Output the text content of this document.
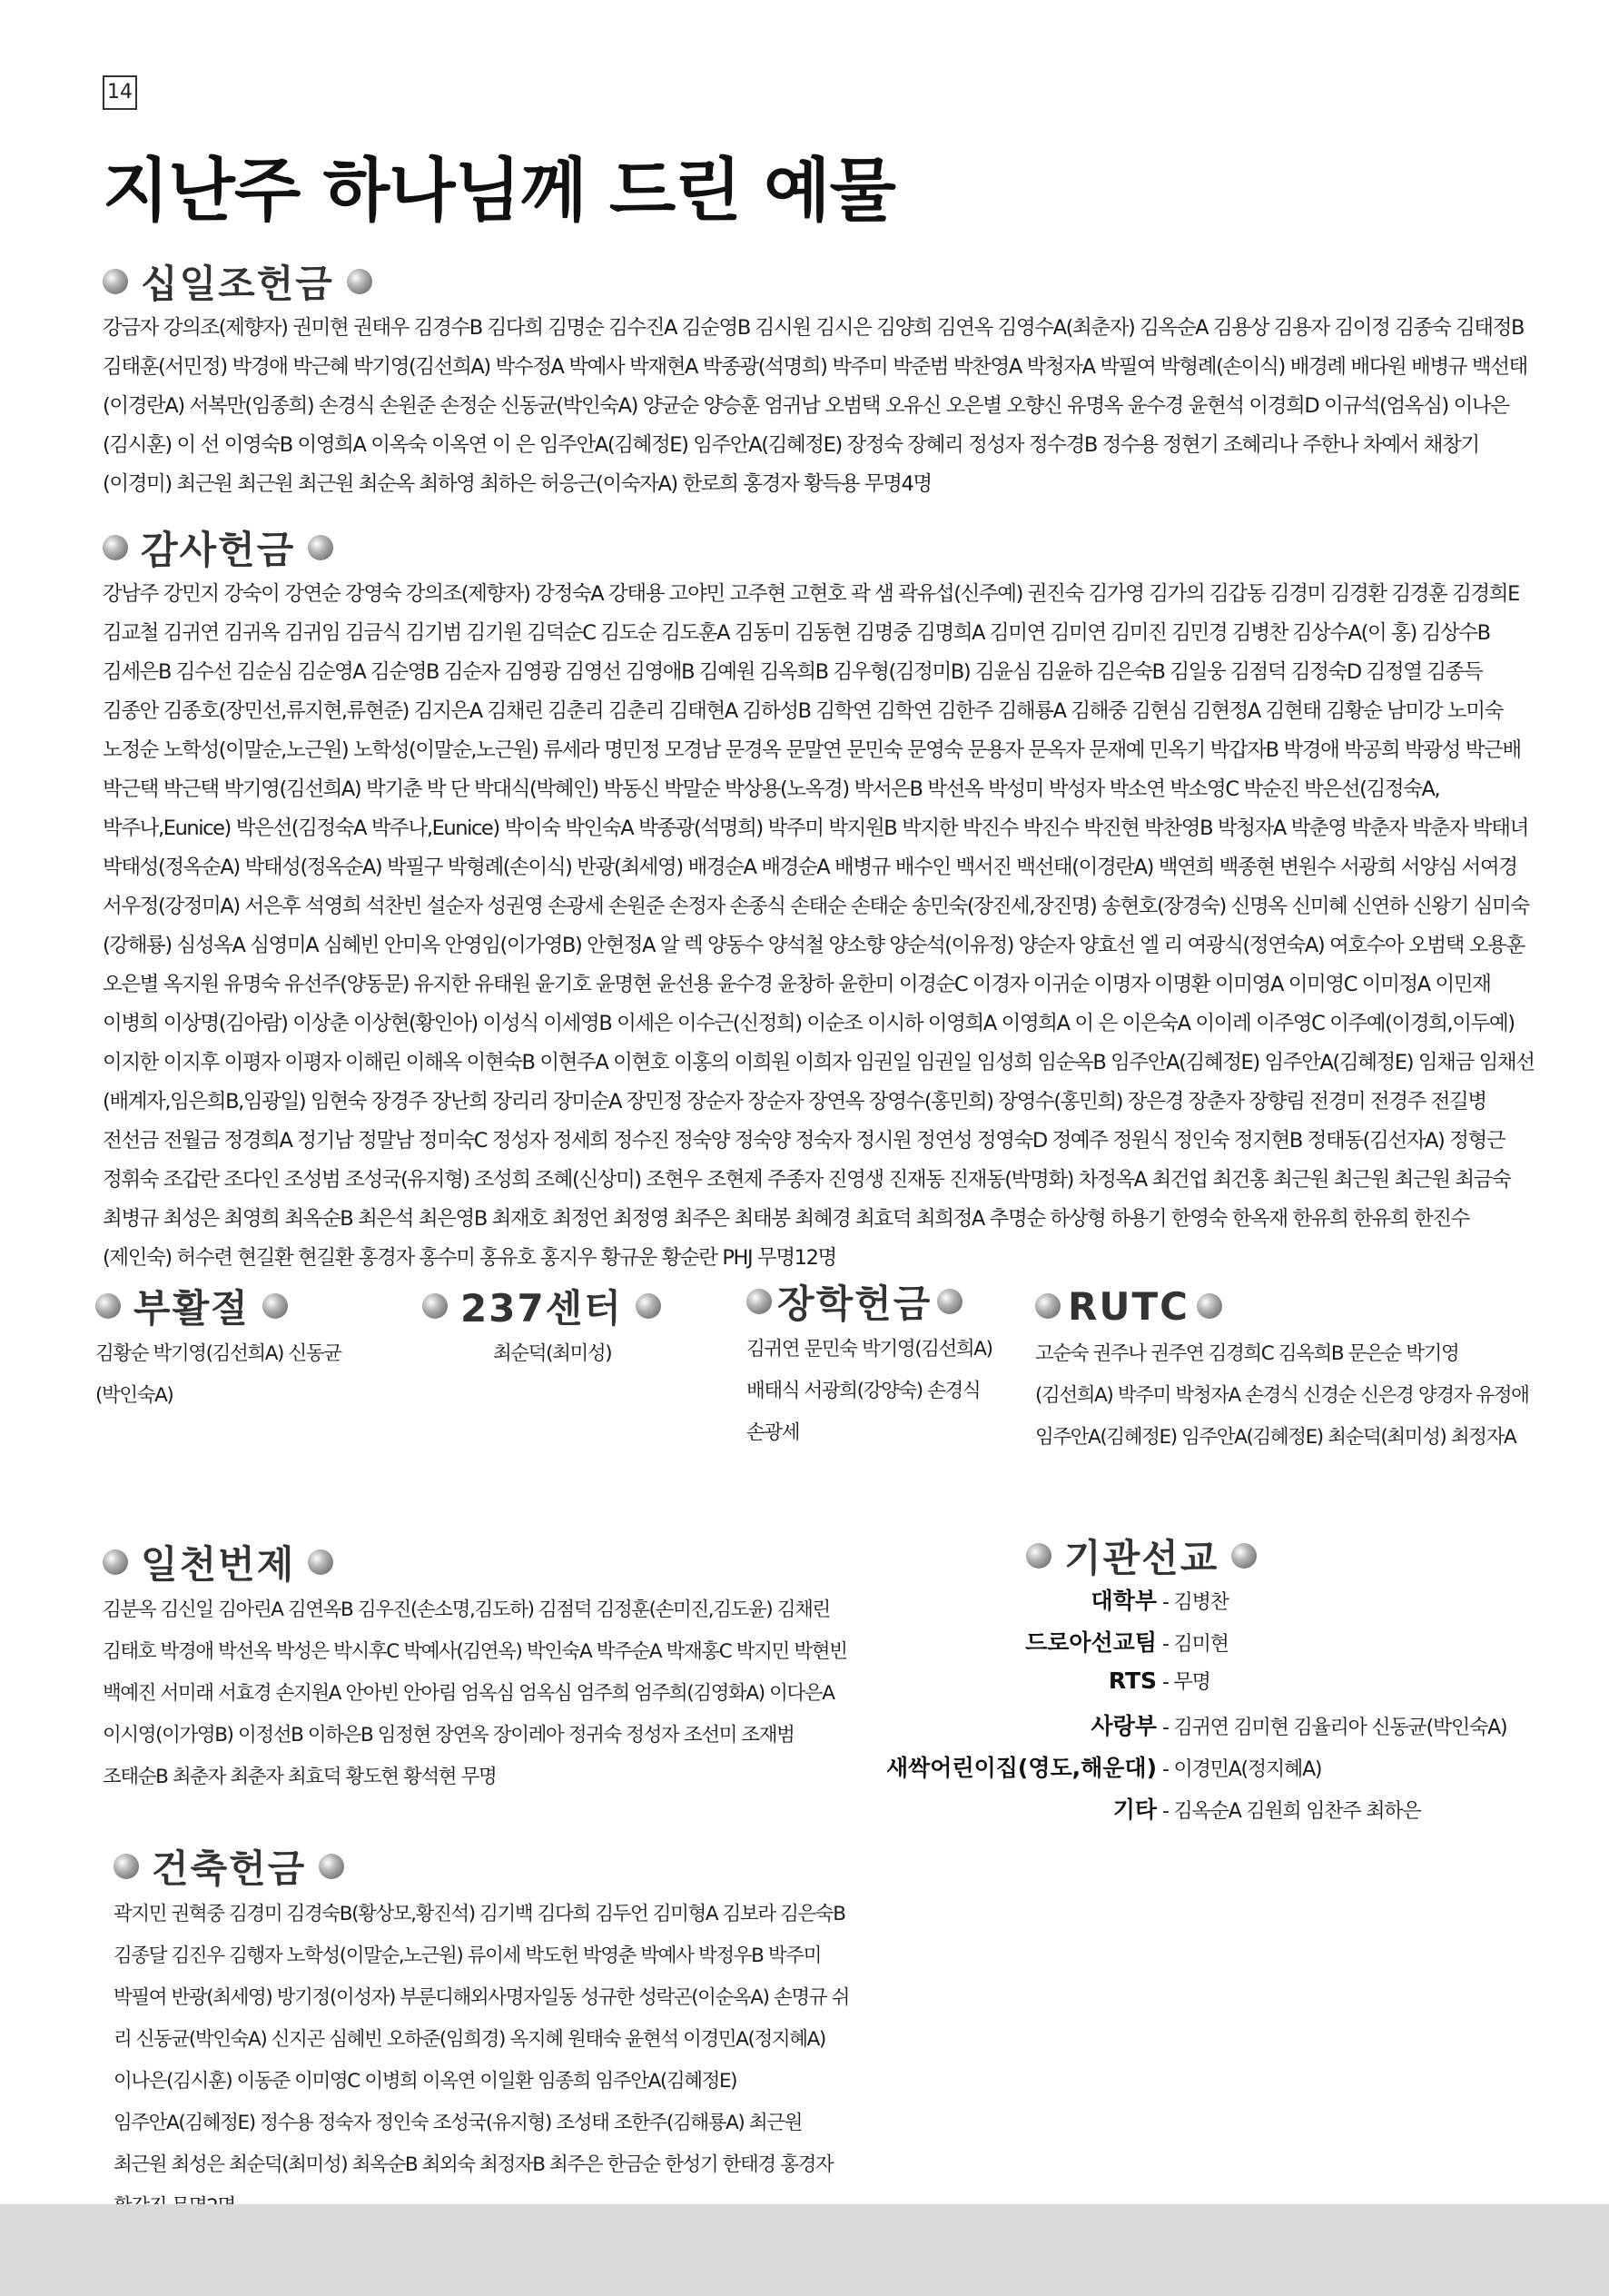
14
지난주 하나님께 드린 예물
십일조헌금
강금자 강의조(제향자) 권미현 권태우 김경수B 김다희 김명순 김수진A 김순영B 김시원 김시은 김양희 김연옥 김영수A(최춘자) 김옥순A 김용상 김용자 김이정 김종숙 김태정B 김태훈(서민정) 박경애 박근혜 박기영(김선희A) 박수정A 박예사 박재현A 박종광(석명희) 박주미 박준범 박찬영A 박청자A 박필여 박형례(손이식) 배경례 배다원 배병규 백선태(이경란A) 서복만(임종희) 손경식 손원준 손정순 신동균(박인숙A) 양균순 양승훈 엄귀남 오범택 오유신 오은별 오향신 유명옥 윤수경 윤현석 이경희D 이규석(엄옥심) 이나은(김시훈) 이 선 이영숙B 이영희A 이옥숙 이옥연 이 은 임주안A(김혜정E) 임주안A(김혜정E) 장정숙 장혜리 정성자 정수경B 정수용 정현기 조혜리나 주한나 차예서 채창기(이경미) 최근원 최근원 최근원 최순옥 최하영 최하은 허응근(이숙자A) 한로희 홍경자 황득용 무명4명
감사헌금
강남주 강민지 강숙이 강연순 강영숙 강의조(제향자) 강정숙A 강태용 고야민 고주현 고현호 곽 샘 곽유섭(신주예) 권진숙 김가영 김가의 김갑동 김경미 김경환 김경훈 김경희E 김교철 김귀연 김귀옥 김귀임 김금식 김기범 김기원 김덕순C 김도순 김도훈A 김동미 김동현 김명중 김명희A 김미연 김미연 김미진 김민경 김병찬 김상수A(이 홍) 김상수B 김세은B 김수선 김순심 김순영A 김순영B 김순자 김영광 김영선 김영애B 김예원 김옥희B 김우형(김정미B) 김윤심 김윤하 김은숙B 김일웅 김점덕 김정숙D 김정열 김종득 김종안 김종호(장민선,류지현,류현준) 김지은A 김채린 김춘리 김춘리 김태현A 김하성B 김학연 김학연 김한주 김해룡A 김해중 김현심 김현정A 김현태 김황순 남미강 노미숙 노정순 노학성(이말순,노근원) 노학성(이말순,노근원) 류세라 명민정 모경남 문경옥 문말연 문민숙 문영숙 문용자 문옥자 문재예 민옥기 박갑자B 박경애 박공희 박광성 박근배 박근택 박근택 박기영(김선희A) 박기춘 박 단 박대식(박혜인) 박동신 박말순 박상용(노옥경) 박서은B 박선옥 박성미 박성자 박소연 박소영C 박순진 박은선(김정숙A,박주나,Eunice) 박은선(김정숙A 박주나,Eunice) 박이숙 박인숙A 박종광(석명희) 박주미 박지원B 박지한 박진수 박진수 박진현 박찬영B 박청자A 박춘영 박춘자 박춘자 박태녀 박태성(정옥순A) 박태성(정옥순A) 박필구 박형례(손이식) 반광(최세영) 배경순A 배경순A 배병규 배수인 백서진 백선태(이경란A) 백연희 백종현 변원수 서광희 서양심 서여경 서우정(강정미A) 서은후 석영희 석찬빈 설순자 성권영 손광세 손원준 손정자 손종식 손태순 손태순 송민숙(장진세,장진명) 송현호(장경숙) 신명옥 신미혜 신연하 신왕기 심미숙(강해룡) 심성옥A 심영미A 심혜빈 안미옥 안영임(이가영B) 안현정A 알 렉 양동수 양석철 양소향 양순석(이유정) 양순자 양효선 엘 리 여광식(정연숙A) 여호수아 오범택 오용훈 오은별 옥지원 유명숙 유선주(양동문) 유지한 유태원 윤기호 윤명현 윤선용 윤수경 윤창하 윤한미 이경순C 이경자 이귀순 이명자 이명환 이미영A 이미영C 이미정A 이민재 이병희 이상명(김아람) 이상춘 이상현(황인아) 이성식 이세영B 이세은 이수근(신정희) 이순조 이시하 이영희A 이영희A 이 은 이은숙A 이이레 이주영C 이주예(이경희,이두예) 이지한 이지후 이평자 이평자 이해린 이해옥 이현숙B 이현주A 이현호 이홍의 이희원 이희자 임권일 임권일 임성희 임순옥B 임주안A(김혜정E) 임주안A(김혜정E) 임채금 임채선(배계자,임은희B,임광일) 임현숙 장경주 장난희 장리리 장미순A 장민정 장순자 장순자 장연옥 장영수(홍민희) 장영수(홍민희) 장은경 장춘자 장향림 전경미 전경주 전길병 전선금 전월금 정경희A 정기남 정말남 정미숙C 정성자 정세희 정수진 정숙양 정숙양 정숙자 정시원 정연성 정영숙D 정예주 정원식 정인숙 정지현B 정태동(김선자A) 정형근 정휘숙 조갑란 조다인 조성범 조성국(유지형) 조성희 조혜(신상미) 조현우 조현제 주종자 진영생 진재동 진재동(박명화) 차정옥A 최건업 최건홍 최근원 최근원 최근원 최금숙 최병규 최성은 최영희 최옥순B 최은석 최은영B 최재호 최정언 최정영 최주은 최태봉 최혜경 최효덕 최희정A 추명순 하상형 하용기 한영숙 한옥재 한유희 한유희 한진수(제인숙) 허수련 현길환 현길환 홍경자 홍수미 홍유호 홍지우 황규운 황순란 PHJ 무명12명
부활절
김황순 박기영(김선희A) 신동균(박인숙A)
237센터
최순덕(최미성)
장학헌금
김귀연 문민숙 박기영(김선희A) 배태식 서광희(강양숙) 손경식 손광세
RUTC
고순숙 권주나 권주연 김경희C 김옥희B 문은순 박기영(김선희A) 박주미 박청자A 손경식 신경순 신은경 양경자 유정애 임주안A(김혜정E) 임주안A(김혜정E) 최순덕(최미성) 최정자A
일천번제
김분옥 김신일 김아린A 김연옥B 김우진(손소명,김도하) 김점덕 김정훈(손미진,김도윤) 김채린 김태호 박경애 박선옥 박성은 박시후C 박예사(김연옥) 박인숙A 박주순A 박재홍C 박지민 박현빈 백예진 서미래 서효경 손지원A 안아빈 안아림 엄옥심 엄옥심 엄주희 엄주희(김영화A) 이다은A 이시영(이가영B) 이정선B 이하은B 임정현 장연옥 장이레아 정귀숙 정성자 조선미 조재범 조태순B 최춘자 최춘자 최효덕 황도현 황석현 무명
건축헌금
곽지민 권혁중 김경미 김경숙B(황상모,황진석) 김기백 김다희 김두언 김미형A 김보라 김은숙B 김종달 김진우 김행자 노학성(이말순,노근원) 류이세 박도헌 박영춘 박예사 박정우B 박주미 박필여 반광(최세영) 방기정(이성자) 부룬디해외사명자일동 성규한 성락곤(이순옥A) 손명규 쉬 리 신동균(박인숙A) 신지곤 심혜빈 오하준(임희경) 옥지혜 원태숙 윤현석 이경민A(정지혜A) 이나은(김시훈) 이동준 이미영C 이병희 이옥연 이일환 임종희 임주안A(김혜정E) 임주안A(김혜정E) 정수용 정숙자 정인숙 조성국(유지형) 조성태 조한주(김해룡A) 최근원 최근원 최성은 최순덕(최미성) 최옥순B 최외숙 최정자B 최주은 한금순 한성기 한태경 홍경자
기관선교
대학부 - 김병찬
드로아선교팀 - 김미현
RTS - 무명
사랑부 - 김귀연 김미현 김율리아 신동균(박인숙A)
새싹어린이집(영도,해운대) - 이경민A(정지혜A)
기타 - 김옥순A 김원희 임찬주 최하은
